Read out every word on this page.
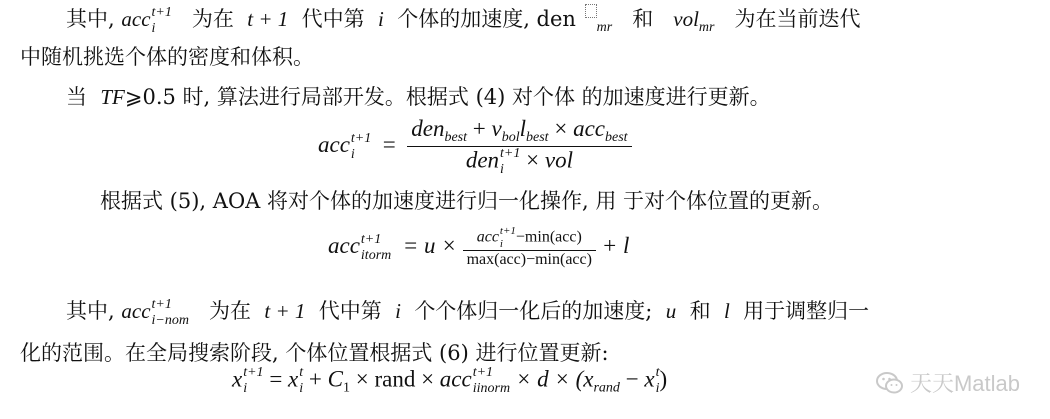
其中, acc t+1
i	为在 t + 1 代中第 i 个体的加速度, den $_{mr}$ 和 vol$_{mr}$ 为在当前迭代
中随机挑选个体的密度和体积。
当 TF⩾0.5 时, 算法进行局部开发。根据式 (4) 对个体 的加速度进行更新。
acc t+1
i	= $den_{best} + v_{bol}l_{best} \times acc_{best}$
den t+1
i × vol
根据式 (5), AOA 将对个体的加速度进行归一化操作, 用 于对个体位置的更新。
acc t+1
itorm = u × acc t+1
i −min(acc)
max(acc)−min(acc) + l
其中, acc t+1
i−nom 为在 t + 1 代中第 i 个个体归一化后的加速度; u 和 l 用于调整归一
化的范围。在全局搜索阶段, 个体位置根据式 (6) 进行位置更新:
x t+1
i = x t
$i + C_1$ × rand × acc t+1
iinorm × $d \times (x_{rand} - x$ t
i )	天天Matlab
